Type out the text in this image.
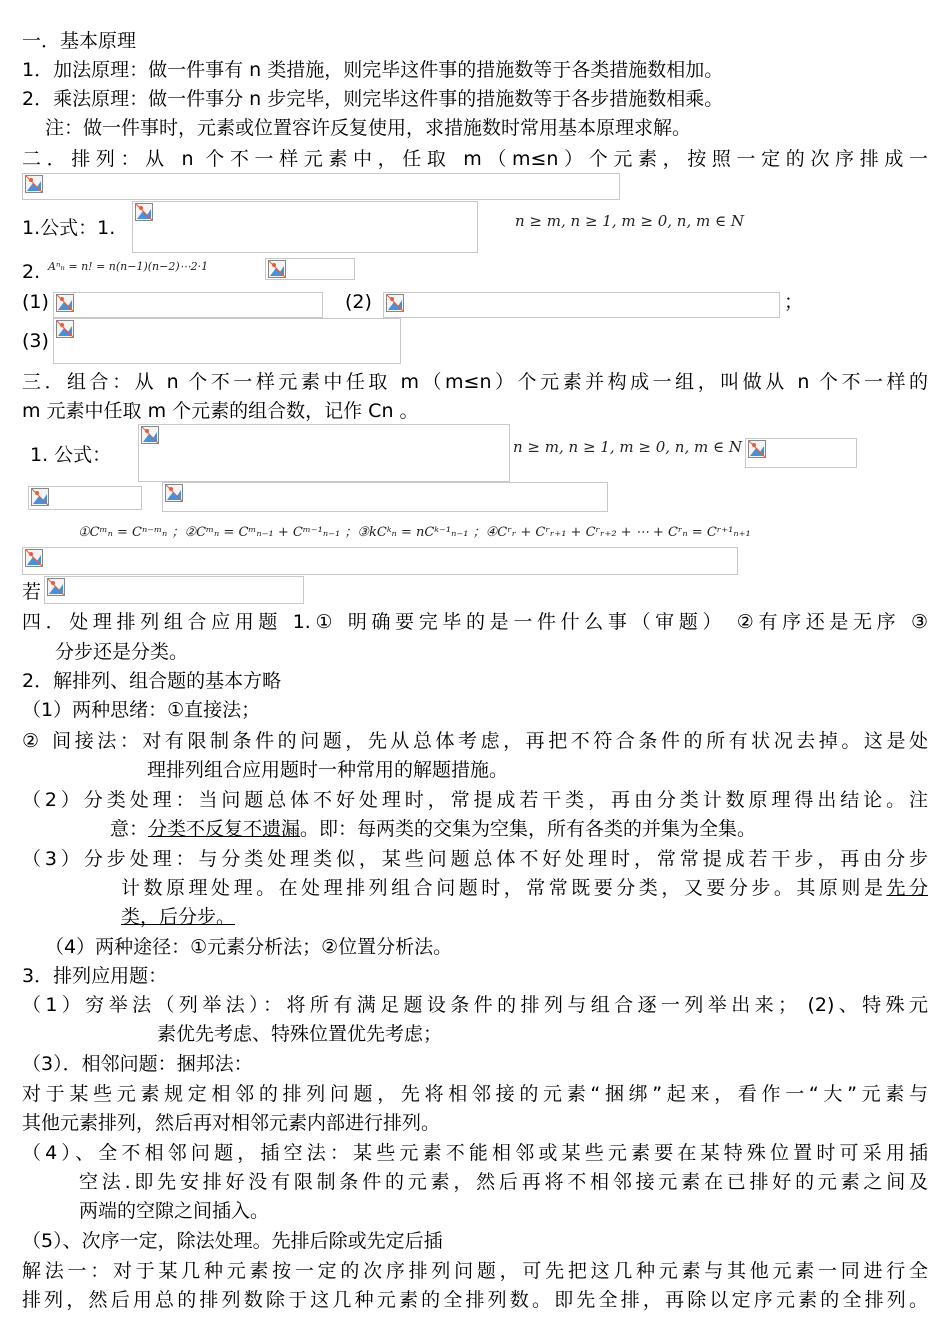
一．基本原理
1．加法原理：做一件事有 n 类措施，则完毕这件事的措施数等于各类措施数相加。
2．乘法原理：做一件事分 n 步完毕，则完毕这件事的措施数等于各步措施数相乘。
注：做一件事时，元素或位置容许反复使用，求措施数时常用基本原理求解。
二．排列：从 n 个不一样元素中，任取 m（m≤n）个元素，按照一定的次序排成一
1.公式：1.	n ≥ m, n ≥ 1, m ≥ 0, n, m ∈ N
2. Aⁿₙ = n! = n(n−1)(n−2)⋯2·1
(1)	(2)	；
(3)
三．组合：从 n 个不一样元素中任取 m（m≤n）个元素并构成一组，叫做从 n 个不一样的
m 元素中任取 m 个元素的组合数，记作 Cn 。
1. 公式：	n ≥ m, n ≥ 1, m ≥ 0, n, m ∈ N
①Cᵐₙ = Cⁿ⁻ᵐₙ ；②Cᵐₙ = Cᵐₙ₋₁ + Cᵐ⁻¹ₙ₋₁ ；③kCᵏₙ = nCᵏ⁻¹ₙ₋₁ ；④Cʳᵣ + Cʳᵣ₊₁ + Cʳᵣ₊₂ + ⋯ + Cʳₙ = Cʳ⁺¹ₙ₊₁
若
四．处理排列组合应用题 1.① 明确要完毕的是一件什么事（审题） ②有序还是无序 ③
分步还是分类。
2．解排列、组合题的基本方略
（1）两种思绪：①直接法；
② 间接法：对有限制条件的问题，先从总体考虑，再把不符合条件的所有状况去掉。这是处
理排列组合应用题时一种常用的解题措施。
（2）分类处理：当问题总体不好处理时，常提成若干类，再由分类计数原理得出结论。注
意：分类不反复不遗漏。即：每两类的交集为空集，所有各类的并集为全集。
（3）分步处理：与分类处理类似，某些问题总体不好处理时，常常提成若干步，再由分步
计数原理处理。在处理排列组合问题时，常常既要分类，又要分步。其原则是先分
类，后分步。
（4）两种途径：①元素分析法；②位置分析法。
3．排列应用题：
（1）穷举法（列举法）：将所有满足题设条件的排列与组合逐一列举出来； (2)、特殊元
素优先考虑、特殊位置优先考虑；
（3）．相邻问题：捆邦法：
对于某些元素规定相邻的排列问题，先将相邻接的元素“捆绑”起来，看作一“大”元素与
其他元素排列，然后再对相邻元素内部进行排列。
（4）、全不相邻问题，插空法：某些元素不能相邻或某些元素要在某特殊位置时可采用插
空法.即先安排好没有限制条件的元素，然后再将不相邻接元素在已排好的元素之间及
两端的空隙之间插入。
（5）、次序一定，除法处理。先排后除或先定后插
解法一：对于某几种元素按一定的次序排列问题，可先把这几种元素与其他元素一同进行全
排列，然后用总的排列数除于这几种元素的全排列数。即先全排，再除以定序元素的全排列。
